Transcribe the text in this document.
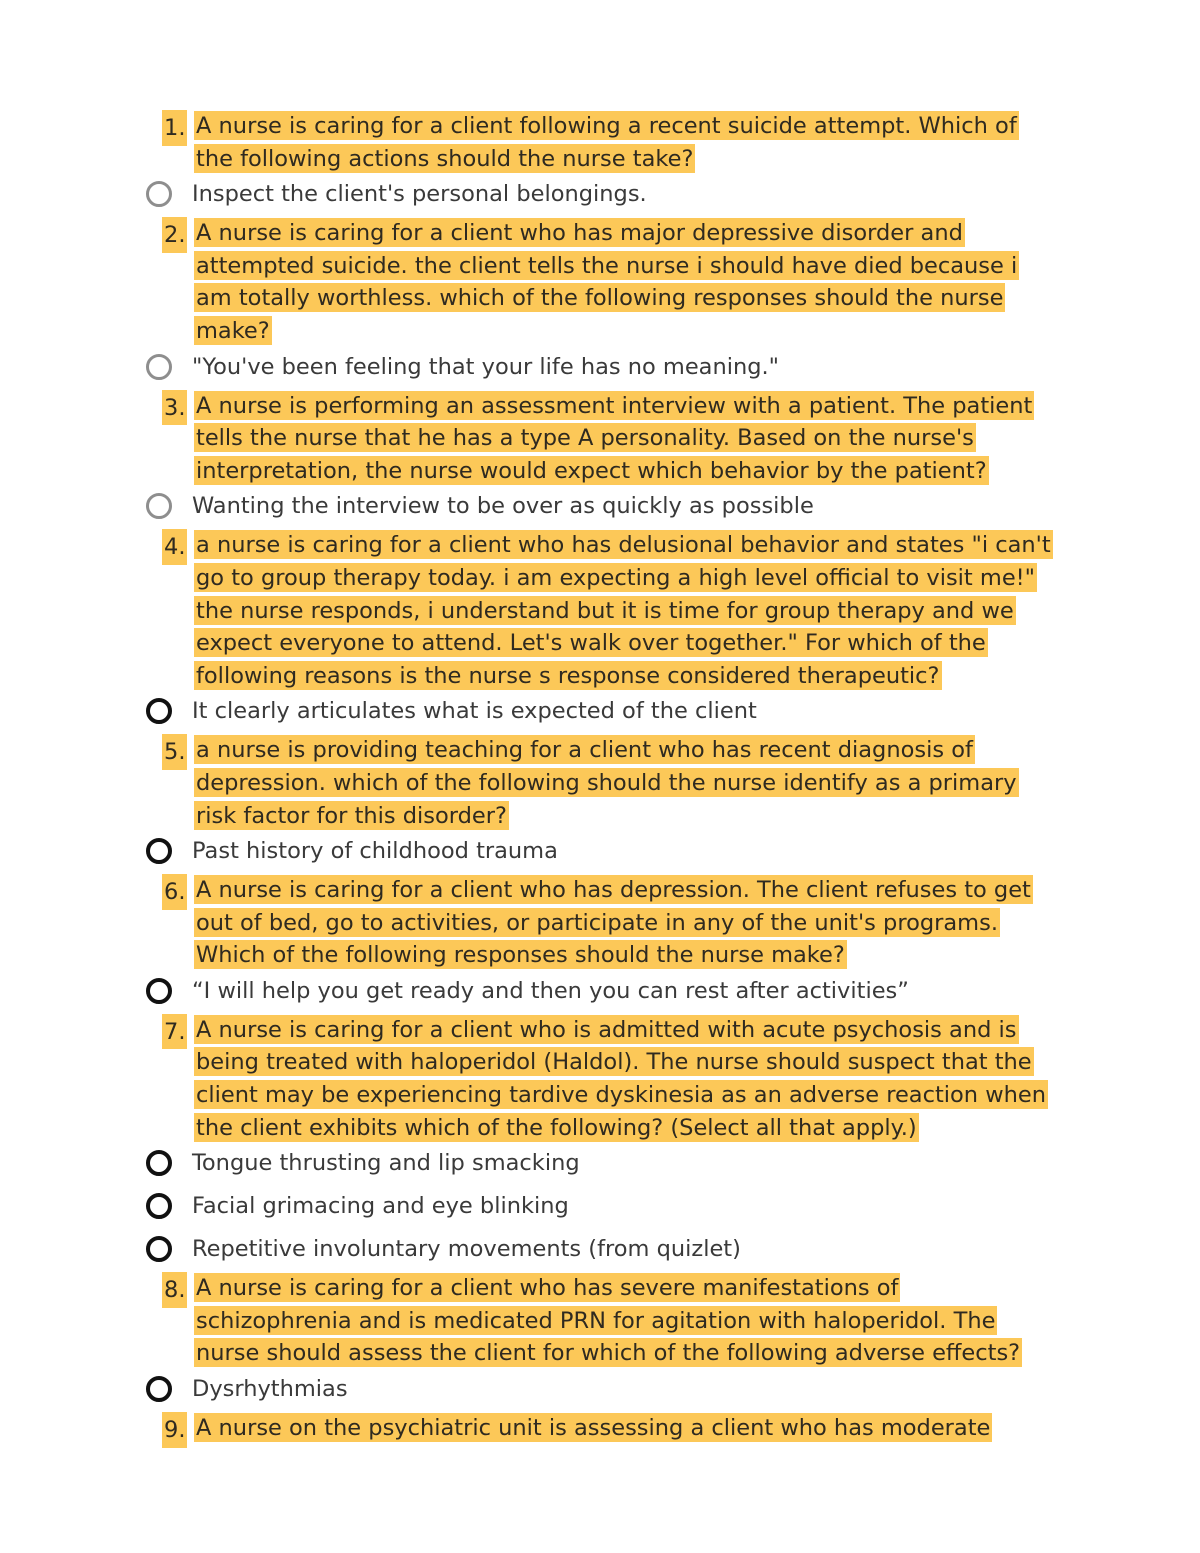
1. A nurse is caring for a client following a recent suicide attempt. Which of the following actions should the nurse take?
Inspect the client's personal belongings.
2. A nurse is caring for a client who has major depressive disorder and attempted suicide. the client tells the nurse i should have died because i am totally worthless. which of the following responses should the nurse make?
"You've been feeling that your life has no meaning."
3. A nurse is performing an assessment interview with a patient. The patient tells the nurse that he has a type A personality. Based on the nurse's interpretation, the nurse would expect which behavior by the patient?
Wanting the interview to be over as quickly as possible
4. a nurse is caring for a client who has delusional behavior and states "i can't go to group therapy today. i am expecting a high level official to visit me!" the nurse responds, i understand but it is time for group therapy and we expect everyone to attend. Let's walk over together." For which of the following reasons is the nurse s response considered therapeutic?
It clearly articulates what is expected of the client
5. a nurse is providing teaching for a client who has recent diagnosis of depression. which of the following should the nurse identify as a primary risk factor for this disorder?
Past history of childhood trauma
6. A nurse is caring for a client who has depression. The client refuses to get out of bed, go to activities, or participate in any of the unit's programs. Which of the following responses should the nurse make?
“I will help you get ready and then you can rest after activities”
7. A nurse is caring for a client who is admitted with acute psychosis and is being treated with haloperidol (Haldol). The nurse should suspect that the client may be experiencing tardive dyskinesia as an adverse reaction when the client exhibits which of the following? (Select all that apply.)
Tongue thrusting and lip smacking
Facial grimacing and eye blinking
Repetitive involuntary movements (from quizlet)
8. A nurse is caring for a client who has severe manifestations of schizophrenia and is medicated PRN for agitation with haloperidol. The nurse should assess the client for which of the following adverse effects?
Dysrhythmias
9. A nurse on the psychiatric unit is assessing a client who has moderate
